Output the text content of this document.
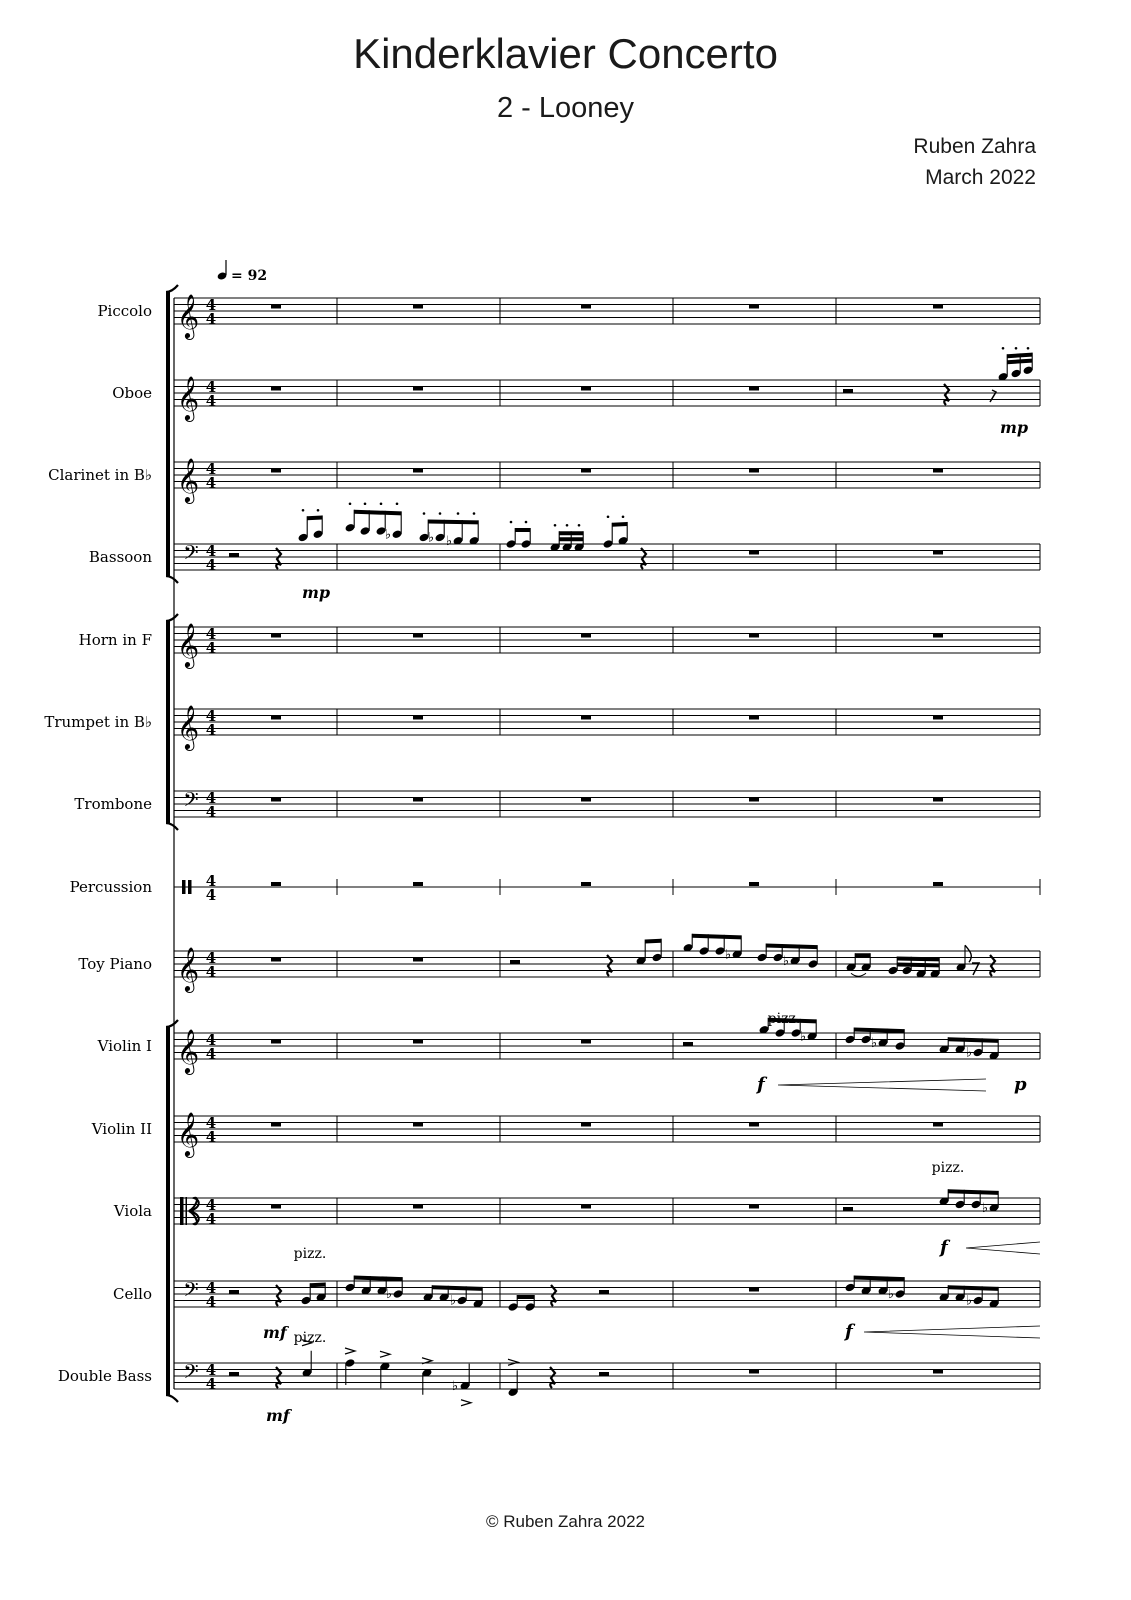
Kinderklavier Concerto
2 - Looney
Ruben Zahra
March 2022
= 92
Piccolo 𝄞 4
4
Oboe 𝄞 4
4
Clarinet in B♭ 𝄞 4
4
Bassoon 𝄢 4
4
Horn in F 𝄞 4
4
Trumpet in B♭ 𝄞 4
4
Trombone 𝄢 4
4
Percussion	4
4
Toy Piano 𝄞 4
4
Violin I 𝄞 4
4
Violin II 𝄞 4
4
Viola	4
4
Cello 𝄢 4
4
Double Bass 𝄢 4
4
mp
♭	♭ ♭
mp
♭	♭
♭	♭
♭
pizz.
f	p
♭
pizz.
f
♭	♭	♭	♭
pizz.
mf	f
♭
pizz.
mf
© Ruben Zahra 2022
